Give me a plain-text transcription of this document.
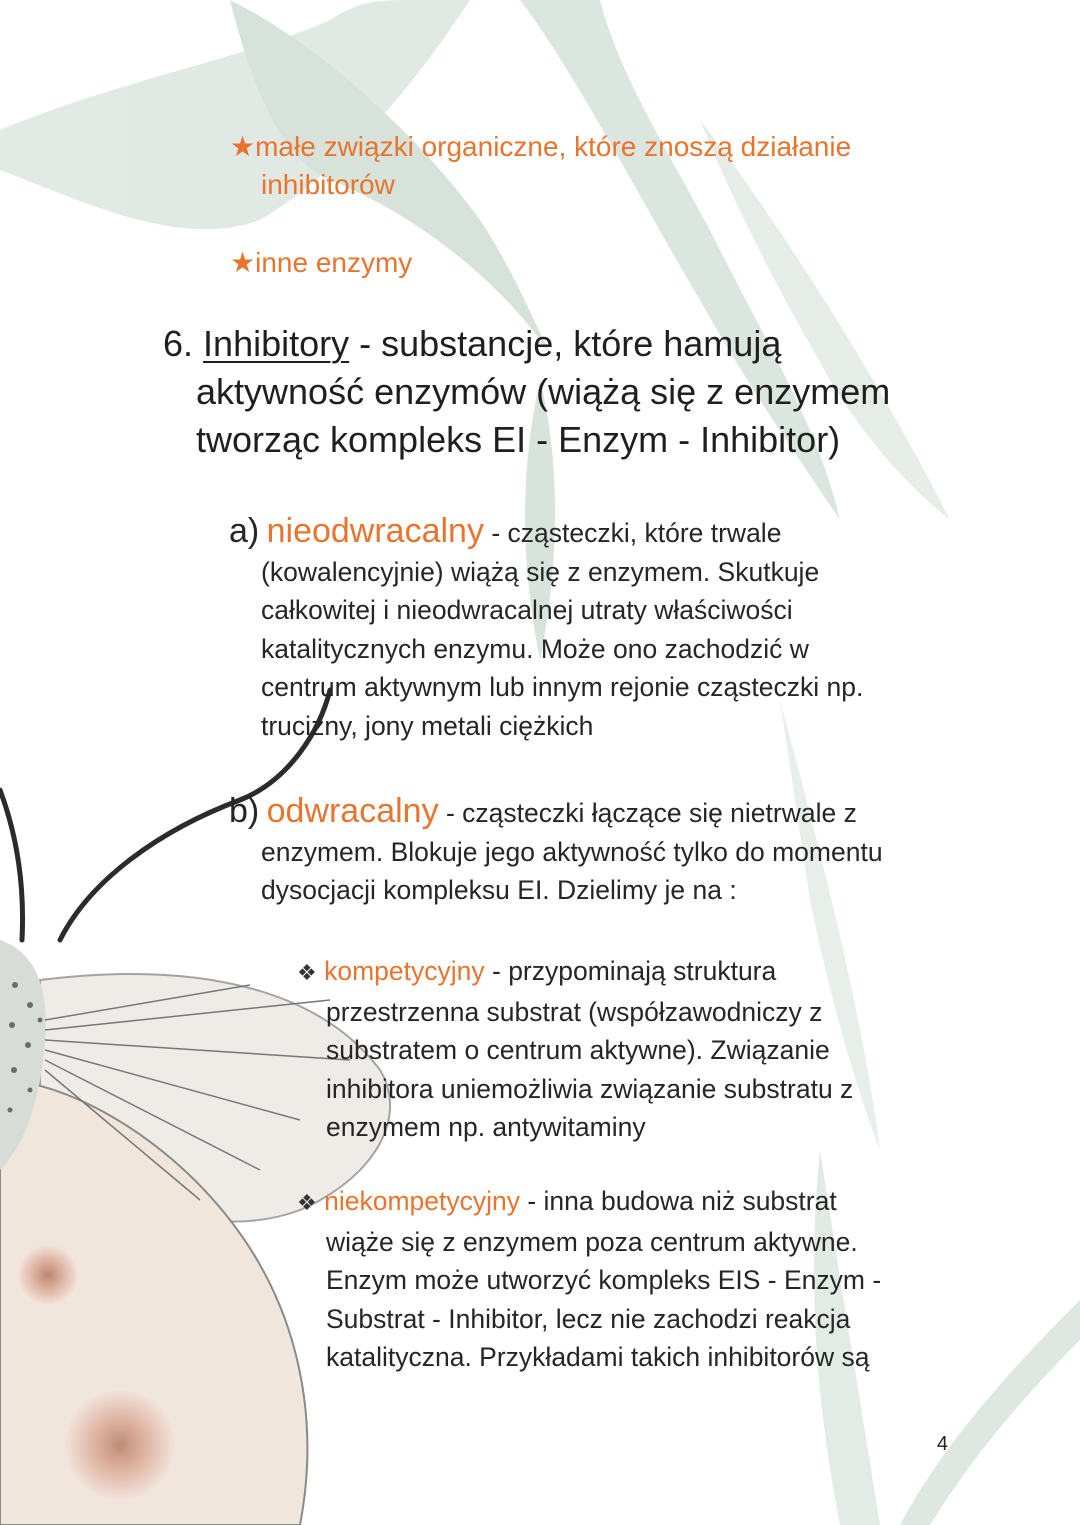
★małe związki organiczne, które znoszą działanie
inhibitorów
★inne enzymy
6. Inhibitory - substancje, które hamują
aktywność enzymów (wiążą się z enzymem
tworząc kompleks EI - Enzym - Inhibitor)
a) nieodwracalny - cząsteczki, które trwale
(kowalencyjnie) wiążą się z enzymem. Skutkuje
całkowitej i nieodwracalnej utraty właściwości
katalitycznych enzymu. Może ono zachodzić w
centrum aktywnym lub innym rejonie cząsteczki np.
trucizny, jony metali ciężkich
b) odwracalny - cząsteczki łączące się nietrwale z
enzymem. Blokuje jego aktywność tylko do momentu
dysocjacji kompleksu EI. Dzielimy je na :
❖ kompetycyjny - przypominają struktura
przestrzenna substrat (współzawodniczy z
substratem o centrum aktywne). Związanie
inhibitora uniemożliwia związanie substratu z
enzymem np. antywitaminy
❖ niekompetycyjny - inna budowa niż substrat
wiąże się z enzymem poza centrum aktywne.
Enzym może utworzyć kompleks EIS - Enzym -
Substrat - Inhibitor, lecz nie zachodzi reakcja
katalityczna. Przykładami takich inhibitorów są
4
